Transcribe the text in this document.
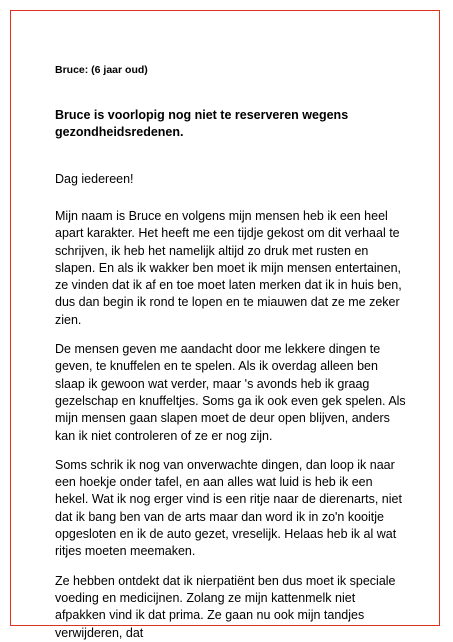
Bruce: (6 jaar oud)

Bruce is voorlopig nog niet te reserveren wegens gezondheidsredenen.

Dag iedereen!

Mijn naam is Bruce en volgens mijn mensen heb ik een heel apart karakter. Het heeft me een tijdje gekost om dit verhaal te schrijven, ik heb het namelijk altijd zo druk met rusten en slapen. En als ik wakker ben moet ik mijn mensen entertainen, ze vinden dat ik af en toe moet laten merken dat ik in huis ben, dus dan begin ik rond te lopen en te miauwen dat ze me zeker zien.

De mensen geven me aandacht door me lekkere dingen te geven, te knuffelen en te spelen. Als ik overdag alleen ben slaap ik gewoon wat verder, maar 's avonds heb ik graag gezelschap en knuffeltjes. Soms ga ik ook even gek spelen. Als mijn mensen gaan slapen moet de deur open blijven, anders kan ik niet controleren of ze er nog zijn.

Soms schrik ik nog van onverwachte dingen, dan loop ik naar een hoekje onder tafel, en aan alles wat luid is heb ik een hekel. Wat ik nog erger vind is een ritje naar de dierenarts, niet dat ik bang ben van de arts maar dan word ik in zo'n kooitje opgesloten en ik de auto gezet, vreselijk. Helaas heb ik al wat ritjes moeten meemaken.

Ze hebben ontdekt dat ik nierpatiënt ben dus moet ik speciale voeding en medicijnen. Zolang ze mijn kattenmelk niet afpakken vind ik dat prima. Ze gaan nu ook mijn tandjes verwijderen, dat
